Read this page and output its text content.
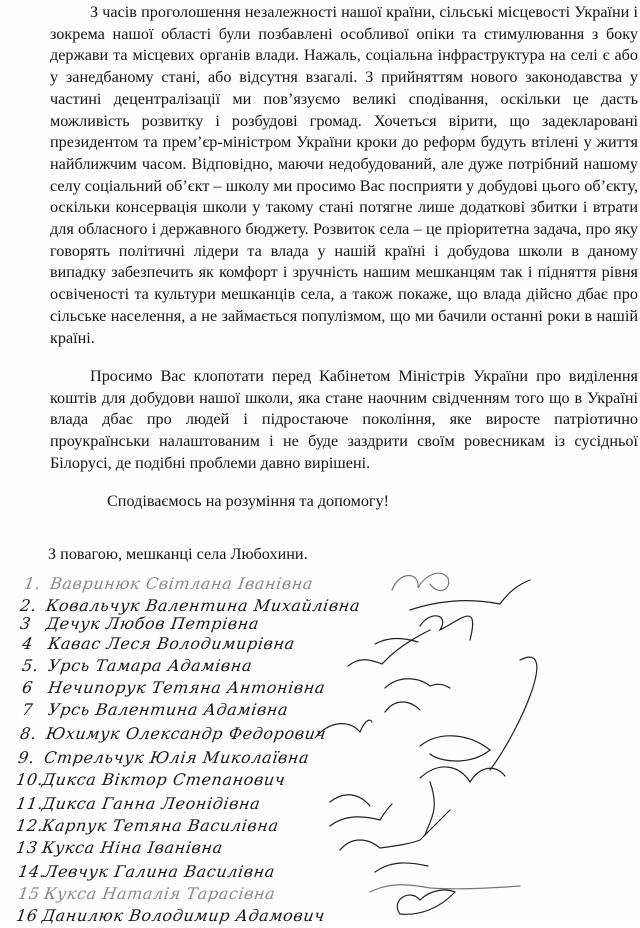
З часів проголошення незалежності нашої країни, сільські місцевості України і зокрема нашої області були позбавлені особливої опіки та стимулювання з боку держави та місцевих органів влади. Нажаль, соціальна інфраструктура на селі є або у занедбаному стані, або відсутня взагалі. З прийняттям нового законодавства у частині децентралізації ми пов’язуємо великі сподівання, оскільки це дасть можливість розвитку і розбудові громад. Хочеться вірити, що задекларовані президентом та прем’єр-міністром України кроки до реформ будуть втілені у життя найближчим часом. Відповідно, маючи недобудований, але дуже потрібний нашому селу соціальний об’єкт – школу ми просимо Вас посприяти у добудові цього об’єкту, оскільки консервація школи у такому стані потягне лише додаткові збитки і втрати для обласного і державного бюджету. Розвиток села – це пріоритетна задача, про яку говорять політичні лідери та влада у нашій країні і добудова школи в даному випадку забезпечить як комфорт і зручність нашим мешканцям так і підняття рівня освіченості та культури мешканців села, а також покаже, що влада дійсно дбає про сільське населення, а не займається популізмом, що ми бачили останні роки в нашій країні.

Просимо Вас клопотати перед Кабінетом Міністрів України про виділення коштів для добудови нашої школи, яка стане наочним свідченням того що в Україні влада дбає про людей і підростаюче покоління, яке виросте патріотично проукраїнськи налаштованим і не буде заздрити своїм ровесникам із сусідньої Білорусі, де подібні проблеми давно вирішені.

Сподіваємось на розуміння та допомогу!
З повагою, мешканці села Любохини.
1. Вавринюк Світлана Іванівна
2. Ковальчук Валентина Михайлівна
3 Дечук Любов Петрівна
4 Кавас Леся Володимирівна
5. Урсь Тамара Адамівна
6 Нечипорук Тетяна Антонівна
7 Урсь Валентина Адамівна
8. Юхимук Олександр Федорович
9. Стрельчук Юлія Миколаївна
10.Дикса Віктор Степанович
11.Дикса Ганна Леонідівна
12.Карпук Тетяна Василівна
13 Кукса Ніна Іванівна
14.Левчук Галина Василівна
15 Кукса Наталія Тарасівна
16 Данилюк Володимир Адамович
